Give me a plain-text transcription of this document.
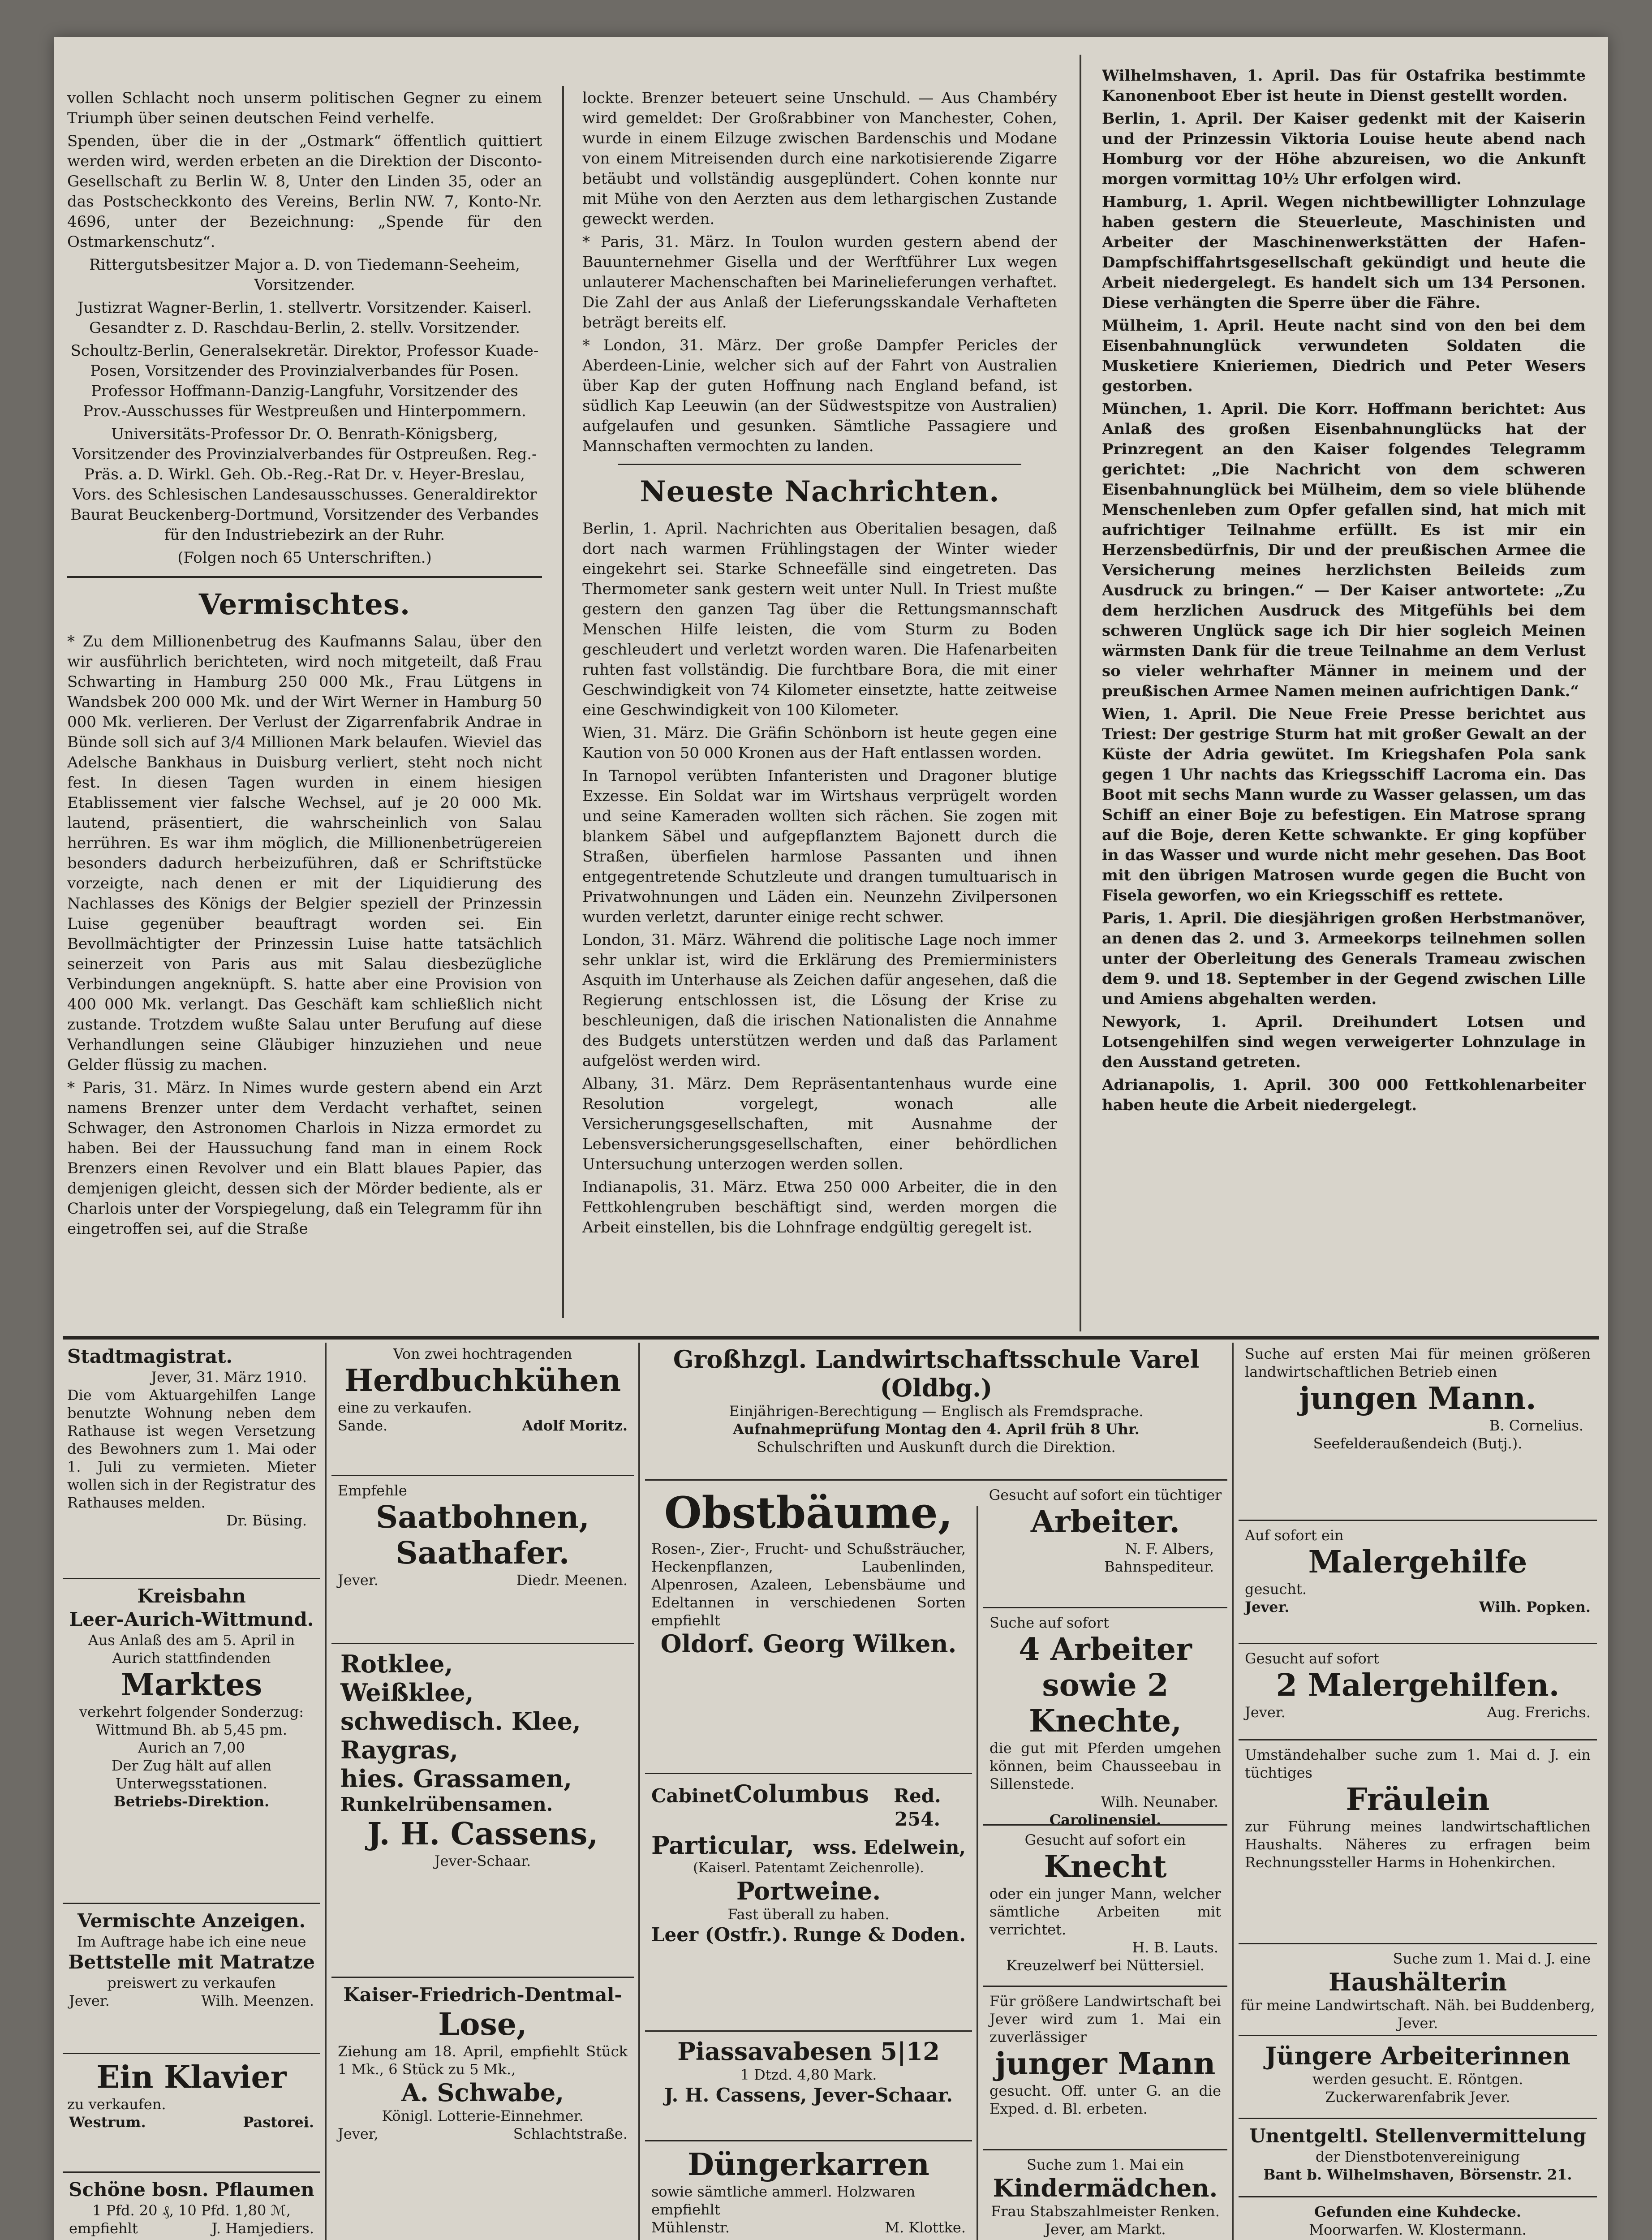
vollen Schlacht noch unserm politischen Gegner zu einem Triumph über seinen deutschen Feind verhelfe.

Spenden, über die in der „Ostmark“ öffentlich quittiert werden wird, werden erbeten an die Direktion der Disconto-Gesellschaft zu Berlin W. 8, Unter den Linden 35, oder an das Postscheckkonto des Vereins, Berlin NW. 7, Konto-Nr. 4696, unter der Bezeichnung: „Spende für den Ostmarkenschutz“.

Rittergutsbesitzer Major a. D. von Tiedemann-Seeheim, Vorsitzender.

Justizrat Wagner-Berlin, 1. stellvertr. Vorsitzender. Kaiserl. Gesandter z. D. Raschdau-Berlin, 2. stellv. Vorsitzender.

Schoultz-Berlin, Generalsekretär. Direktor, Professor Kuade-Posen, Vorsitzender des Provinzialverbandes für Posen. Professor Hoffmann-Danzig-Langfuhr, Vorsitzender des Prov.-Ausschusses für Westpreußen und Hinterpommern.

Universitäts-Professor Dr. O. Benrath-Königsberg, Vorsitzender des Provinzialverbandes für Ostpreußen. Reg.-Präs. a. D. Wirkl. Geh. Ob.-Reg.-Rat Dr. v. Heyer-Breslau, Vors. des Schlesischen Landesausschusses. Generaldirektor Baurat Beuckenberg-Dortmund, Vorsitzender des Verbandes für den Industriebezirk an der Ruhr.

(Folgen noch 65 Unterschriften.)

Vermischtes.

* Zu dem Millionenbetrug des Kaufmanns Salau, über den wir ausführlich berichteten, wird noch mitgeteilt, daß Frau Schwarting in Hamburg 250 000 Mk., Frau Lütgens in Wandsbek 200 000 Mk. und der Wirt Werner in Hamburg 50 000 Mk. verlieren. Der Verlust der Zigarrenfabrik Andrae in Bünde soll sich auf 3/4 Millionen Mark belaufen. Wieviel das Adelsche Bankhaus in Duisburg verliert, steht noch nicht fest. In diesen Tagen wurden in einem hiesigen Etablissement vier falsche Wechsel, auf je 20 000 Mk. lautend, präsentiert, die wahrscheinlich von Salau herrühren. Es war ihm möglich, die Millionenbetrügereien besonders dadurch herbeizuführen, daß er Schriftstücke vorzeigte, nach denen er mit der Liquidierung des Nachlasses des Königs der Belgier speziell der Prinzessin Luise gegenüber beauftragt worden sei. Ein Bevollmächtigter der Prinzessin Luise hatte tatsächlich seinerzeit von Paris aus mit Salau diesbezügliche Verbindungen angeknüpft. S. hatte aber eine Provision von 400 000 Mk. verlangt. Das Geschäft kam schließlich nicht zustande. Trotzdem wußte Salau unter Berufung auf diese Verhandlungen seine Gläubiger hinzuziehen und neue Gelder flüssig zu machen.

* Paris, 31. März. In Nimes wurde gestern abend ein Arzt namens Brenzer unter dem Verdacht verhaftet, seinen Schwager, den Astronomen Charlois in Nizza ermordet zu haben. Bei der Haussuchung fand man in einem Rock Brenzers einen Revolver und ein Blatt blaues Papier, das demjenigen gleicht, dessen sich der Mörder bediente, als er Charlois unter der Vorspiegelung, daß ein Telegramm für ihn eingetroffen sei, auf die Straße

lockte. Brenzer beteuert seine Unschuld. — Aus Chambéry wird gemeldet: Der Großrabbiner von Manchester, Cohen, wurde in einem Eilzuge zwischen Bardenschis und Modane von einem Mitreisenden durch eine narkotisierende Zigarre betäubt und vollständig ausgeplündert. Cohen konnte nur mit Mühe von den Aerzten aus dem lethargischen Zustande geweckt werden.

* Paris, 31. März. In Toulon wurden gestern abend der Bauunternehmer Gisella und der Werftführer Lux wegen unlauterer Machenschaften bei Marinelieferungen verhaftet. Die Zahl der aus Anlaß der Lieferungsskandale Verhafteten beträgt bereits elf.

* London, 31. März. Der große Dampfer Pericles der Aberdeen-Linie, welcher sich auf der Fahrt von Australien über Kap der guten Hoffnung nach England befand, ist südlich Kap Leeuwin (an der Südwestspitze von Australien) aufgelaufen und gesunken. Sämtliche Passagiere und Mannschaften vermochten zu landen.

Neueste Nachrichten.

Berlin, 1. April. Nachrichten aus Oberitalien besagen, daß dort nach warmen Frühlingstagen der Winter wieder eingekehrt sei. Starke Schneefälle sind eingetreten. Das Thermometer sank gestern weit unter Null. In Triest mußte gestern den ganzen Tag über die Rettungsmannschaft Menschen Hilfe leisten, die vom Sturm zu Boden geschleudert und verletzt worden waren. Die Hafenarbeiten ruhten fast vollständig. Die furchtbare Bora, die mit einer Geschwindigkeit von 74 Kilometer einsetzte, hatte zeitweise eine Geschwindigkeit von 100 Kilometer.

Wien, 31. März. Die Gräfin Schönborn ist heute gegen eine Kaution von 50 000 Kronen aus der Haft entlassen worden.

In Tarnopol verübten Infanteristen und Dragoner blutige Exzesse. Ein Soldat war im Wirtshaus verprügelt worden und seine Kameraden wollten sich rächen. Sie zogen mit blankem Säbel und aufgepflanztem Bajonett durch die Straßen, überfielen harmlose Passanten und ihnen entgegentretende Schutzleute und drangen tumultuarisch in Privatwohnungen und Läden ein. Neunzehn Zivilpersonen wurden verletzt, darunter einige recht schwer.

London, 31. März. Während die politische Lage noch immer sehr unklar ist, wird die Erklärung des Premierministers Asquith im Unterhause als Zeichen dafür angesehen, daß die Regierung entschlossen ist, die Lösung der Krise zu beschleunigen, daß die irischen Nationalisten die Annahme des Budgets unterstützen werden und daß das Parlament aufgelöst werden wird.

Albany, 31. März. Dem Repräsentantenhaus wurde eine Resolution vorgelegt, wonach alle Versicherungsgesellschaften, mit Ausnahme der Lebensversicherungsgesellschaften, einer behördlichen Untersuchung unterzogen werden sollen.

Indianapolis, 31. März. Etwa 250 000 Arbeiter, die in den Fettkohlengruben beschäftigt sind, werden morgen die Arbeit einstellen, bis die Lohnfrage endgültig geregelt ist.

Wilhelmshaven, 1. April. Das für Ostafrika bestimmte Kanonenboot Eber ist heute in Dienst gestellt worden.

Berlin, 1. April. Der Kaiser gedenkt mit der Kaiserin und der Prinzessin Viktoria Louise heute abend nach Homburg vor der Höhe abzureisen, wo die Ankunft morgen vormittag 10½ Uhr erfolgen wird.

Hamburg, 1. April. Wegen nichtbewilligter Lohnzulage haben gestern die Steuerleute, Maschinisten und Arbeiter der Maschinenwerkstätten der Hafen-Dampfschiffahrtsgesellschaft gekündigt und heute die Arbeit niedergelegt. Es handelt sich um 134 Personen. Diese verhängten die Sperre über die Fähre.

Mülheim, 1. April. Heute nacht sind von den bei dem Eisenbahnunglück verwundeten Soldaten die Musketiere Knieriemen, Diedrich und Peter Wesers gestorben.

München, 1. April. Die Korr. Hoffmann berichtet: Aus Anlaß des großen Eisenbahnunglücks hat der Prinzregent an den Kaiser folgendes Telegramm gerichtet: „Die Nachricht von dem schweren Eisenbahnunglück bei Mülheim, dem so viele blühende Menschenleben zum Opfer gefallen sind, hat mich mit aufrichtiger Teilnahme erfüllt. Es ist mir ein Herzensbedürfnis, Dir und der preußischen Armee die Versicherung meines herzlichsten Beileids zum Ausdruck zu bringen.“ — Der Kaiser antwortete: „Zu dem herzlichen Ausdruck des Mitgefühls bei dem schweren Unglück sage ich Dir hier sogleich Meinen wärmsten Dank für die treue Teilnahme an dem Verlust so vieler wehrhafter Männer in meinem und der preußischen Armee Namen meinen aufrichtigen Dank.“

Wien, 1. April. Die Neue Freie Presse berichtet aus Triest: Der gestrige Sturm hat mit großer Gewalt an der Küste der Adria gewütet. Im Kriegshafen Pola sank gegen 1 Uhr nachts das Kriegsschiff Lacroma ein. Das Boot mit sechs Mann wurde zu Wasser gelassen, um das Schiff an einer Boje zu befestigen. Ein Matrose sprang auf die Boje, deren Kette schwankte. Er ging kopfüber in das Wasser und wurde nicht mehr gesehen. Das Boot mit den übrigen Matrosen wurde gegen die Bucht von Fisela geworfen, wo ein Kriegsschiff es rettete.

Paris, 1. April. Die diesjährigen großen Herbstmanöver, an denen das 2. und 3. Armeekorps teilnehmen sollen unter der Oberleitung des Generals Trameau zwischen dem 9. und 18. September in der Gegend zwischen Lille und Amiens abgehalten werden.

Newyork, 1. April. Dreihundert Lotsen und Lotsengehilfen sind wegen verweigerter Lohnzulage in den Ausstand getreten.

Adrianapolis, 1. April. 300 000 Fettkohlenarbeiter haben heute die Arbeit niedergelegt.

Stadtmagistrat.
Jever, 31. März 1910.
Die vom Aktuargehilfen Lange benutzte Wohnung neben dem Rathause ist wegen Versetzung des Bewohners zum 1. Mai oder 1. Juli zu vermieten. Mieter wollen sich in der Registratur des Rathauses melden.
Dr. Büsing.
Kreisbahn
Leer-Aurich-Wittmund.
Aus Anlaß des am 5. April in Aurich stattfindenden
Marktes
verkehrt folgender Sonderzug:
Wittmund Bh. ab 5,45 pm.
Aurich an 7,00
Der Zug hält auf allen Unterwegsstationen.
Betriebs-Direktion.
Vermischte Anzeigen.
Im Auftrage habe ich eine neue
Bettstelle mit Matratze
preiswert zu verkaufen
Jever.	Wilh. Meenzen.
Ein Klavier
zu verkaufen.
Westrum.	Pastorei.
Schöne bosn. Pflaumen
1 Pfd. 20 ₰, 10 Pfd. 1,80 ℳ,
empfiehlt	J. Hamjediers.
Von zwei hochtragenden
Herdbuchkühen
eine zu verkaufen.
Sande.	Adolf Moritz.
Empfehle
Saatbohnen, Saathafer.
Jever.	Diedr. Meenen.
Rotklee,
Weißklee,
schwedisch. Klee,
Raygras,
hies. Grassamen,
Runkelrübensamen.
J. H. Cassens,
Jever-Schaar.
Kaiser-Friedrich-Dentmal-
Lose,
Ziehung am 18. April, empfiehlt Stück 1 Mk., 6 Stück zu 5 Mk.,
A. Schwabe,
Königl. Lotterie-Einnehmer.
Jever,	Schlachtstraße.
Großhzgl. Landwirtschaftsschule Varel (Oldbg.)
Einjährigen-Berechtigung — Englisch als Fremdsprache.
Aufnahmeprüfung Montag den 4. April früh 8 Uhr.
Schulschriften und Auskunft durch die Direktion.
Obstbäume,
Rosen-, Zier-, Frucht- und Schußsträucher, Heckenpflanzen, Laubenlinden, Alpenrosen, Azaleen, Lebensbäume und Edeltannen in verschiedenen Sorten empfiehlt
Oldorf. Georg Wilken.
Cabinet Columbus	Red. 254.
Particular, wss. Edelwein,
(Kaiserl. Patentamt Zeichenrolle).
Portweine.
Fast überall zu haben.
Leer (Ostfr.). Runge & Doden.
Piassavabesen 5|12
1 Dtzd. 4,80 Mark.
J. H. Cassens, Jever-Schaar.
Düngerkarren
sowie sämtliche ammerl. Holzwaren empfiehlt
Mühlenstr.	M. Klottke.
Gesucht auf sofort ein tüchtiger
Arbeiter.
N. F. Albers,
Bahnspediteur.
Suche auf sofort
4 Arbeiter sowie 2 Knechte,
die gut mit Pferden umgehen können, beim Chausseebau in Sillenstede.
Wilh. Neunaber.
Carolinensiel.
Gesucht auf sofort ein
Knecht
oder ein junger Mann, welcher sämtliche Arbeiten mit verrichtet.
H. B. Lauts.
Kreuzelwerf bei Nüttersiel.
Für größere Landwirtschaft bei Jever wird zum 1. Mai ein zuverlässiger
junger Mann
gesucht. Off. unter G. an die Exped. d. Bl. erbeten.
Suche zum 1. Mai ein
Kindermädchen.
Frau Stabszahlmeister Renken.
Jever, am Markt.
Suche auf ersten Mai für meinen größeren landwirtschaftlichen Betrieb einen
jungen Mann.
B. Cornelius.
Seefelderaußendeich (Butj.).
Auf sofort ein
Malergehilfe
gesucht.
Jever.	Wilh. Popken.
Gesucht auf sofort
2 Malergehilfen.
Jever.	Aug. Frerichs.
Umständehalber suche zum 1. Mai d. J. ein tüchtiges
Fräulein
zur Führung meines landwirtschaftlichen Haushalts. Näheres zu erfragen beim Rechnungssteller Harms in Hohenkirchen.
Suche zum 1. Mai d. J. eine
Haushälterin
für meine Landwirtschaft. Näh. bei Buddenberg, Jever.
Jüngere Arbeiterinnen
werden gesucht. E. Röntgen.
Zuckerwarenfabrik Jever.
Unentgeltl. Stellenvermittelung
der Dienstbotenvereinigung
Bant b. Wilhelmshaven, Börsenstr. 21.
Gefunden eine Kuhdecke.
Moorwarfen. W. Klostermann.
